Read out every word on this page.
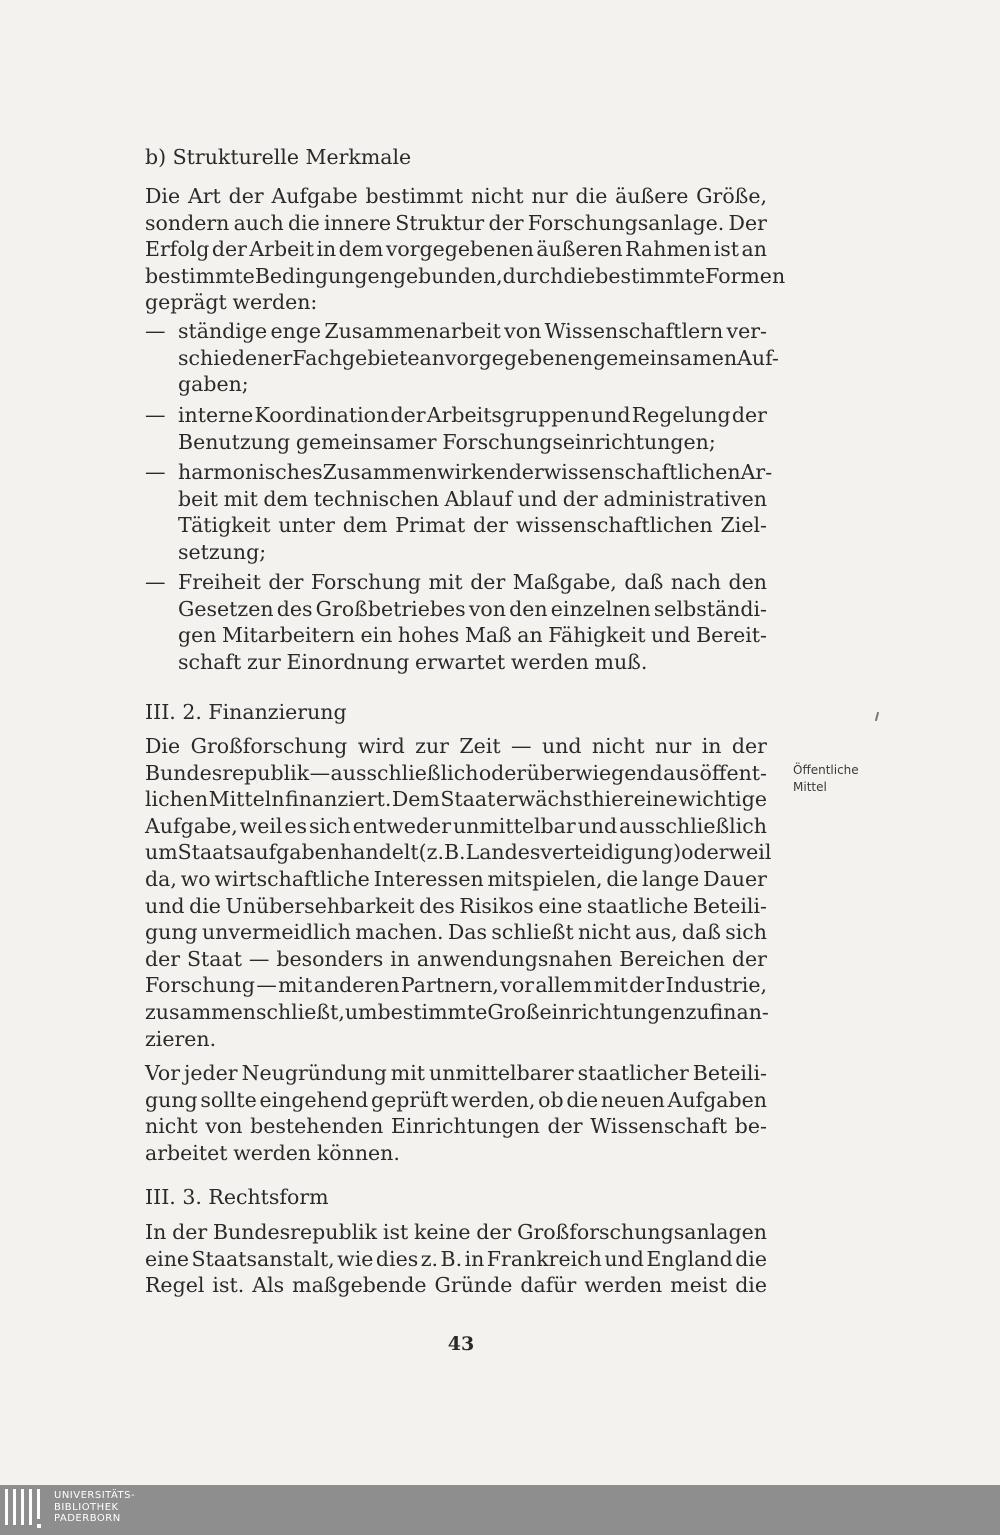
b) Strukturelle Merkmale
Die Art der Aufgabe bestimmt nicht nur die äußere Größe,
sondern auch die innere Struktur der Forschungsanlage. Der
Erfolg der Arbeit in dem vorgegebenen äußeren Rahmen ist an
bestimmte Bedingungen gebunden, durch die bestimmte Formen
geprägt werden:
— ständige enge Zusammenarbeit von Wissenschaftlern ver-
schiedener Fachgebiete an vorgegebenen gemeinsamen Auf-
gaben;
— interne Koordination der Arbeitsgruppen und Regelung der
Benutzung gemeinsamer Forschungseinrichtungen;
— harmonisches Zusammenwirken der wissenschaftlichen Ar-
beit mit dem technischen Ablauf und der administrativen
Tätigkeit unter dem Primat der wissenschaftlichen Ziel-
setzung;
— Freiheit der Forschung mit der Maßgabe, daß nach den
Gesetzen des Großbetriebes von den einzelnen selbständi-
gen Mitarbeitern ein hohes Maß an Fähigkeit und Bereit-
schaft zur Einordnung erwartet werden muß.
III. 2. Finanzierung
Die Großforschung wird zur Zeit — und nicht nur in der
Bundesrepublik — ausschließlich oder überwiegend aus öffent-
lichen Mitteln finanziert. Dem Staat erwächst hier eine wichtige
Aufgabe, weil es sich entweder unmittelbar und ausschließlich
um Staatsaufgaben handelt (z. B. Landesverteidigung) oder weil
da, wo wirtschaftliche Interessen mitspielen, die lange Dauer
und die Unübersehbarkeit des Risikos eine staatliche Beteili-
gung unvermeidlich machen. Das schließt nicht aus, daß sich
der Staat — besonders in anwendungsnahen Bereichen der
Forschung — mit anderen Partnern, vor allem mit der Industrie,
zusammenschließt, um bestimmte Großeinrichtungen zu finan-
zieren.
Vor jeder Neugründung mit unmittelbarer staatlicher Beteili-
gung sollte eingehend geprüft werden, ob die neuen Aufgaben
nicht von bestehenden Einrichtungen der Wissenschaft be-
arbeitet werden können.
III. 3. Rechtsform
In der Bundesrepublik ist keine der Großforschungsanlagen
eine Staatsanstalt, wie dies z. B. in Frankreich und England die
Regel ist. Als maßgebende Gründe dafür werden meist die
Öffentliche
Mittel
43
UNIVERSITÄTS-
BIBLIOTHEK
PADERBORN
